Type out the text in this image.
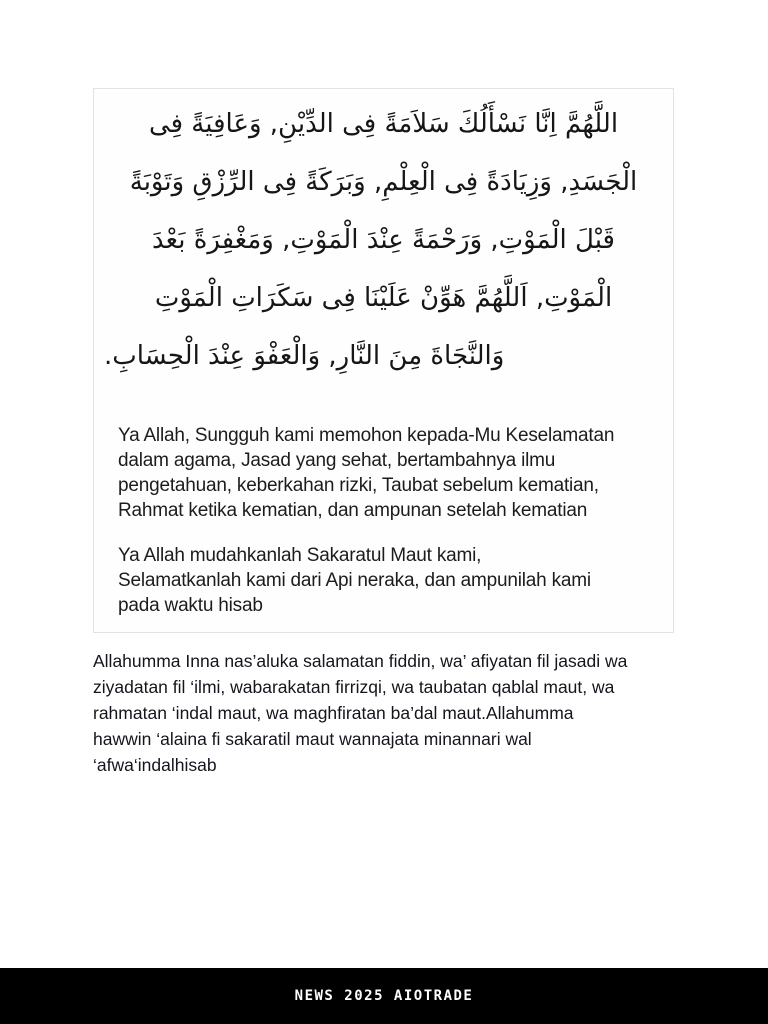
اللَّهُمَّ اِنَّا نَسْأَلُكَ سَلاَمَةً فِى الدِّيْنِ, وَعَافِيَةً فِى
الْجَسَدِ, وَزِيَادَةً فِى الْعِلْمِ, وَبَرَكَةً فِى الرِّزْقِ وَتَوْبَةً
قَبْلَ الْمَوْتِ, وَرَحْمَةً عِنْدَ الْمَوْتِ, وَمَغْفِرَةً بَعْدَ
الْمَوْتِ, اَللَّهُمَّ هَوِّنْ عَلَيْنَا فِى سَكَرَاتِ الْمَوْتِ
وَالنَّجَاةَ مِنَ النَّارِ, وَالْعَفْوَ عِنْدَ الْحِسَابِ.
Ya Allah, Sungguh kami memohon kepada-Mu Keselamatan
dalam agama, Jasad yang sehat, bertambahnya ilmu
pengetahuan, keberkahan rizki, Taubat sebelum kematian,
Rahmat ketika kematian, dan ampunan setelah kematian
Ya Allah mudahkanlah Sakaratul Maut kami,
Selamatkanlah kami dari Api neraka, dan ampunilah kami
pada waktu hisab
Allahumma Inna nas’aluka salamatan fiddin, wa’ afiyatan fil jasadi wa
ziyadatan fil ‘ilmi, wabarakatan firrizqi, wa taubatan qablal maut, wa
rahmatan ‘indal maut, wa maghfiratan ba’dal maut.Allahumma
hawwin ‘alaina fi sakaratil maut wannajata minannari wal
‘afwa‘indalhisab
NEWS 2025 AIOTRADE
